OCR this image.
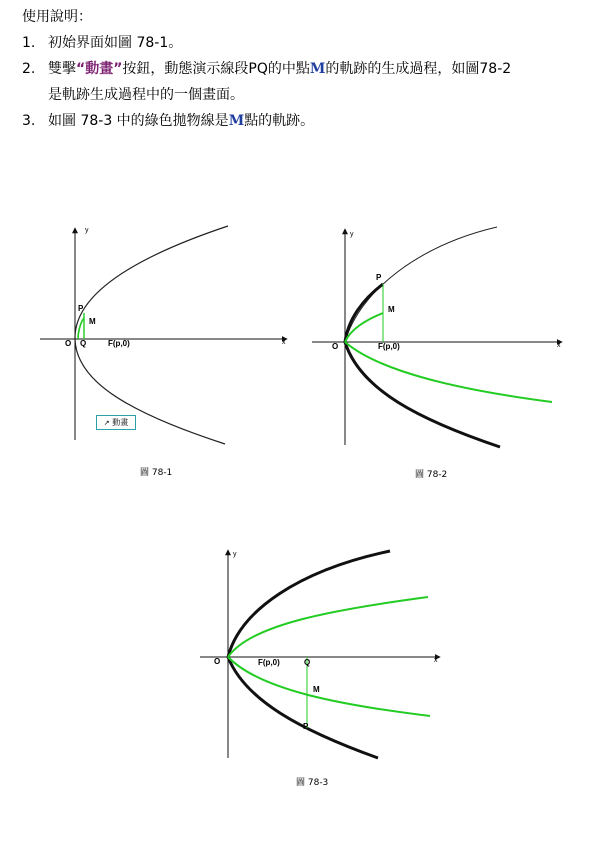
使用說明：

1. 初始界面如圖 78-1。

2. 雙擊“動畫”按鈕，動態演示線段PQ的中點M的軌跡的生成過程，如圖78-2

是軌跡生成過程中的一個畫面。

3. 如圖 78-3 中的綠色拋物線是M點的軌跡。

y
x
O Q	F(p,0)
P
M
↗ 動畫
圖 78-1
y
x
O	F(p,0)
P
M
圖 78-2
y
x
O	F(p,0)	Q
M
P
圖 78-3
